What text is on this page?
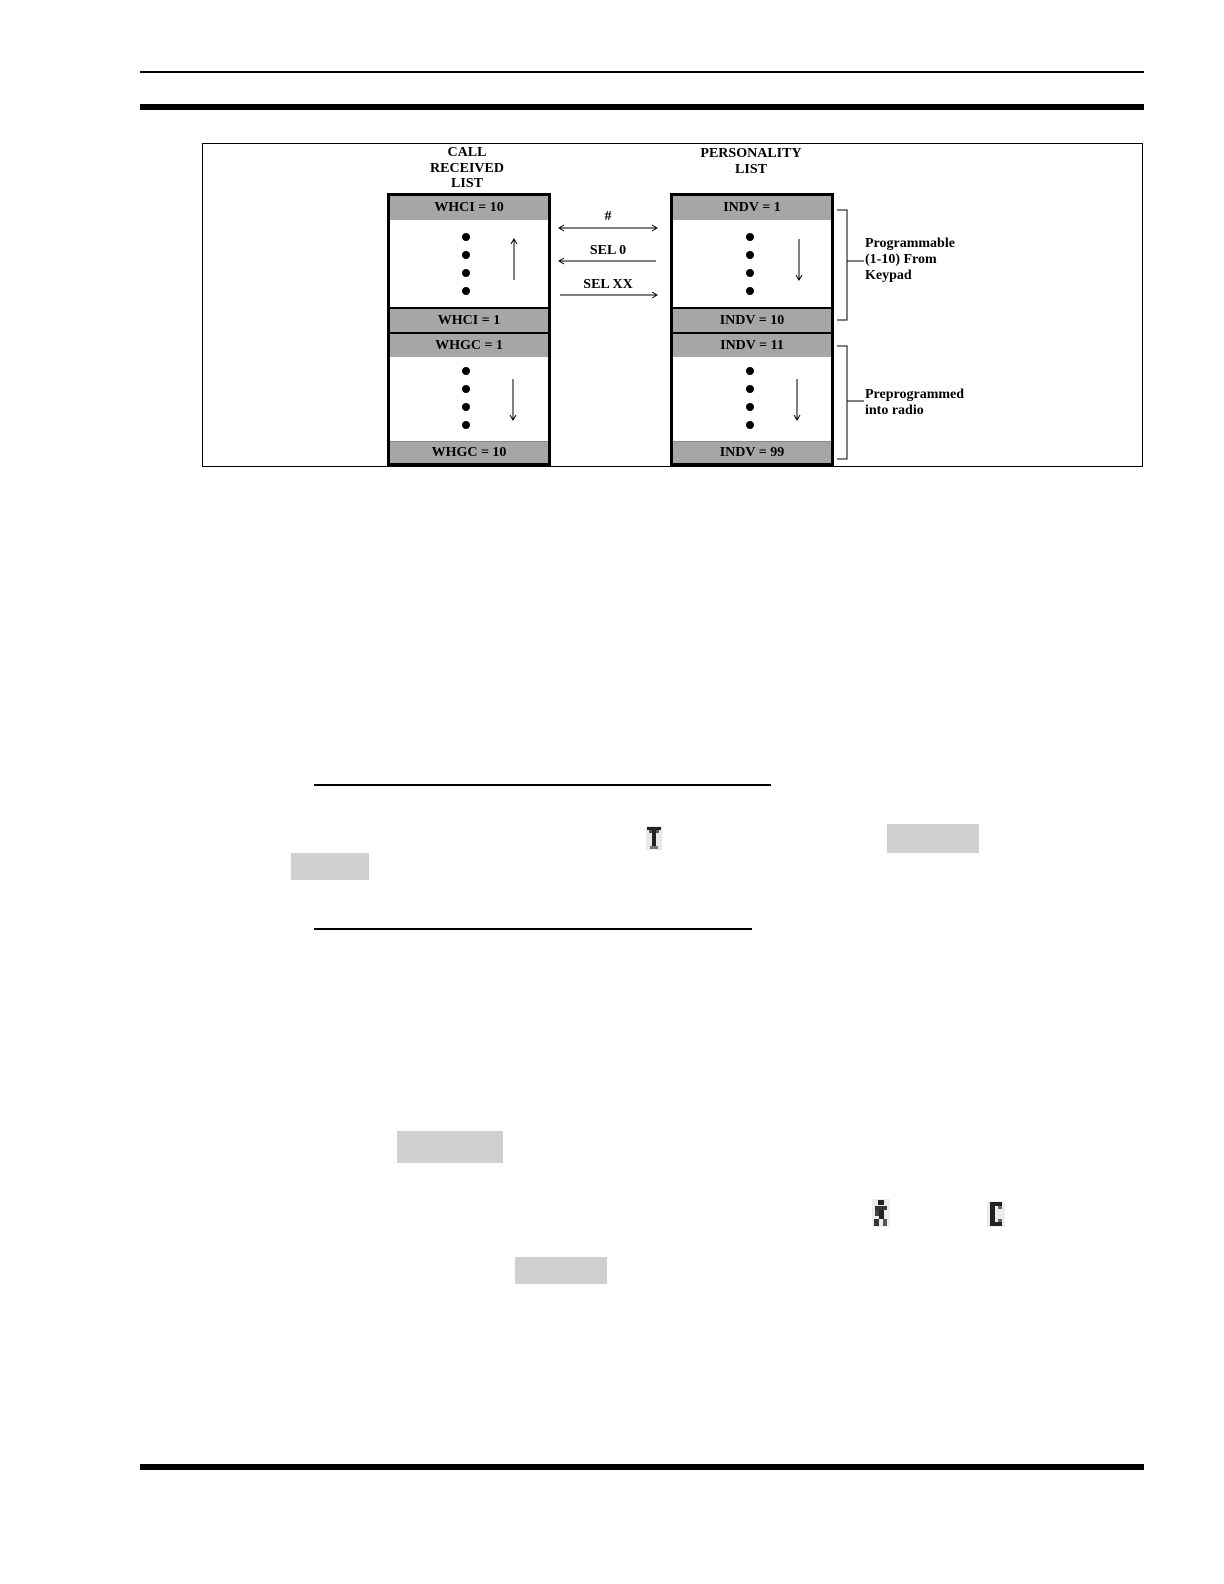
CALL
RECEIVED
LIST
PERSONALITY
LIST
WHCI = 10
WHCI = 1
WHGC = 1
WHGC = 10
#
SEL 0
SEL XX
INDV = 1
INDV = 10
INDV = 11
INDV = 99
Programmable
(1-10) From
Keypad
Preprogrammed
into radio
